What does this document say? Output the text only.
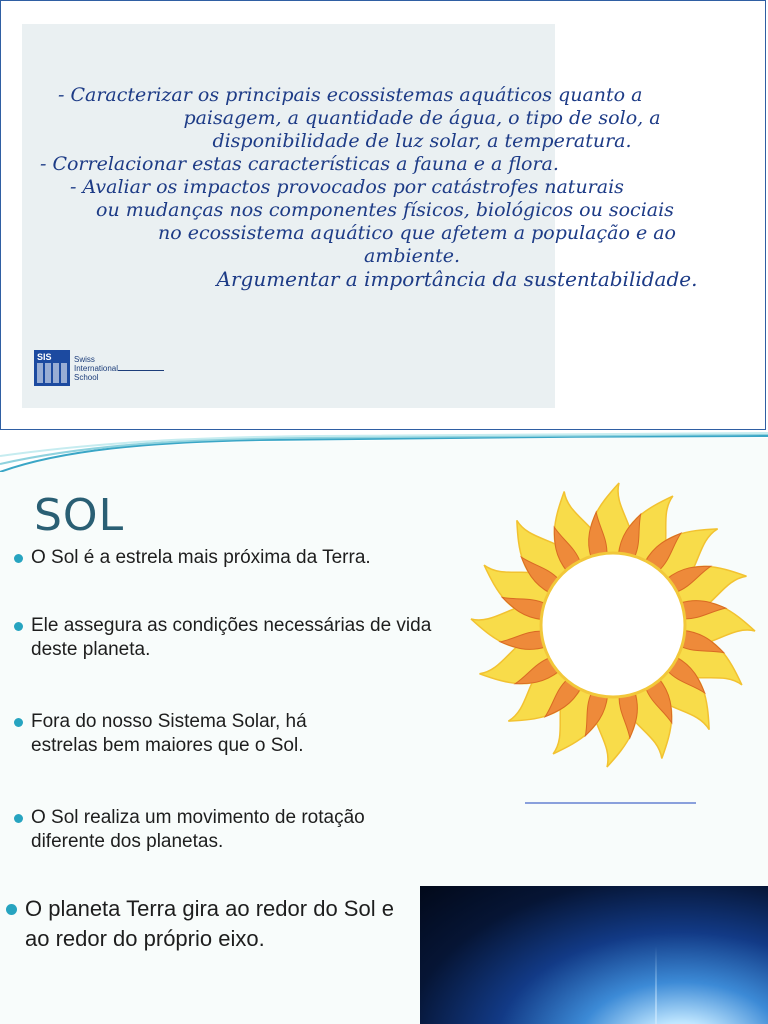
- Caracterizar os principais ecossistemas aquáticos quanto a

paisagem, a quantidade de água, o tipo de solo, a

disponibilidade de luz solar, a temperatura.

- Correlacionar estas características a fauna e a flora.

- Avaliar os impactos provocados por catástrofes naturais

ou mudanças nos componentes físicos, biológicos ou sociais

no ecossistema aquático que afetem a população e ao

ambiente.

Argumentar a importância da sustentabilidade.

SIS	Swiss
International
School
SOL
O Sol é a estrela mais próxima da Terra.
Ele assegura as condições necessárias de vida deste planeta.
Fora do nosso Sistema Solar, há estrelas bem maiores que o Sol.
O Sol realiza um movimento de rotação diferente dos planetas.
O planeta Terra gira ao redor do Sol e ao redor do próprio eixo.
